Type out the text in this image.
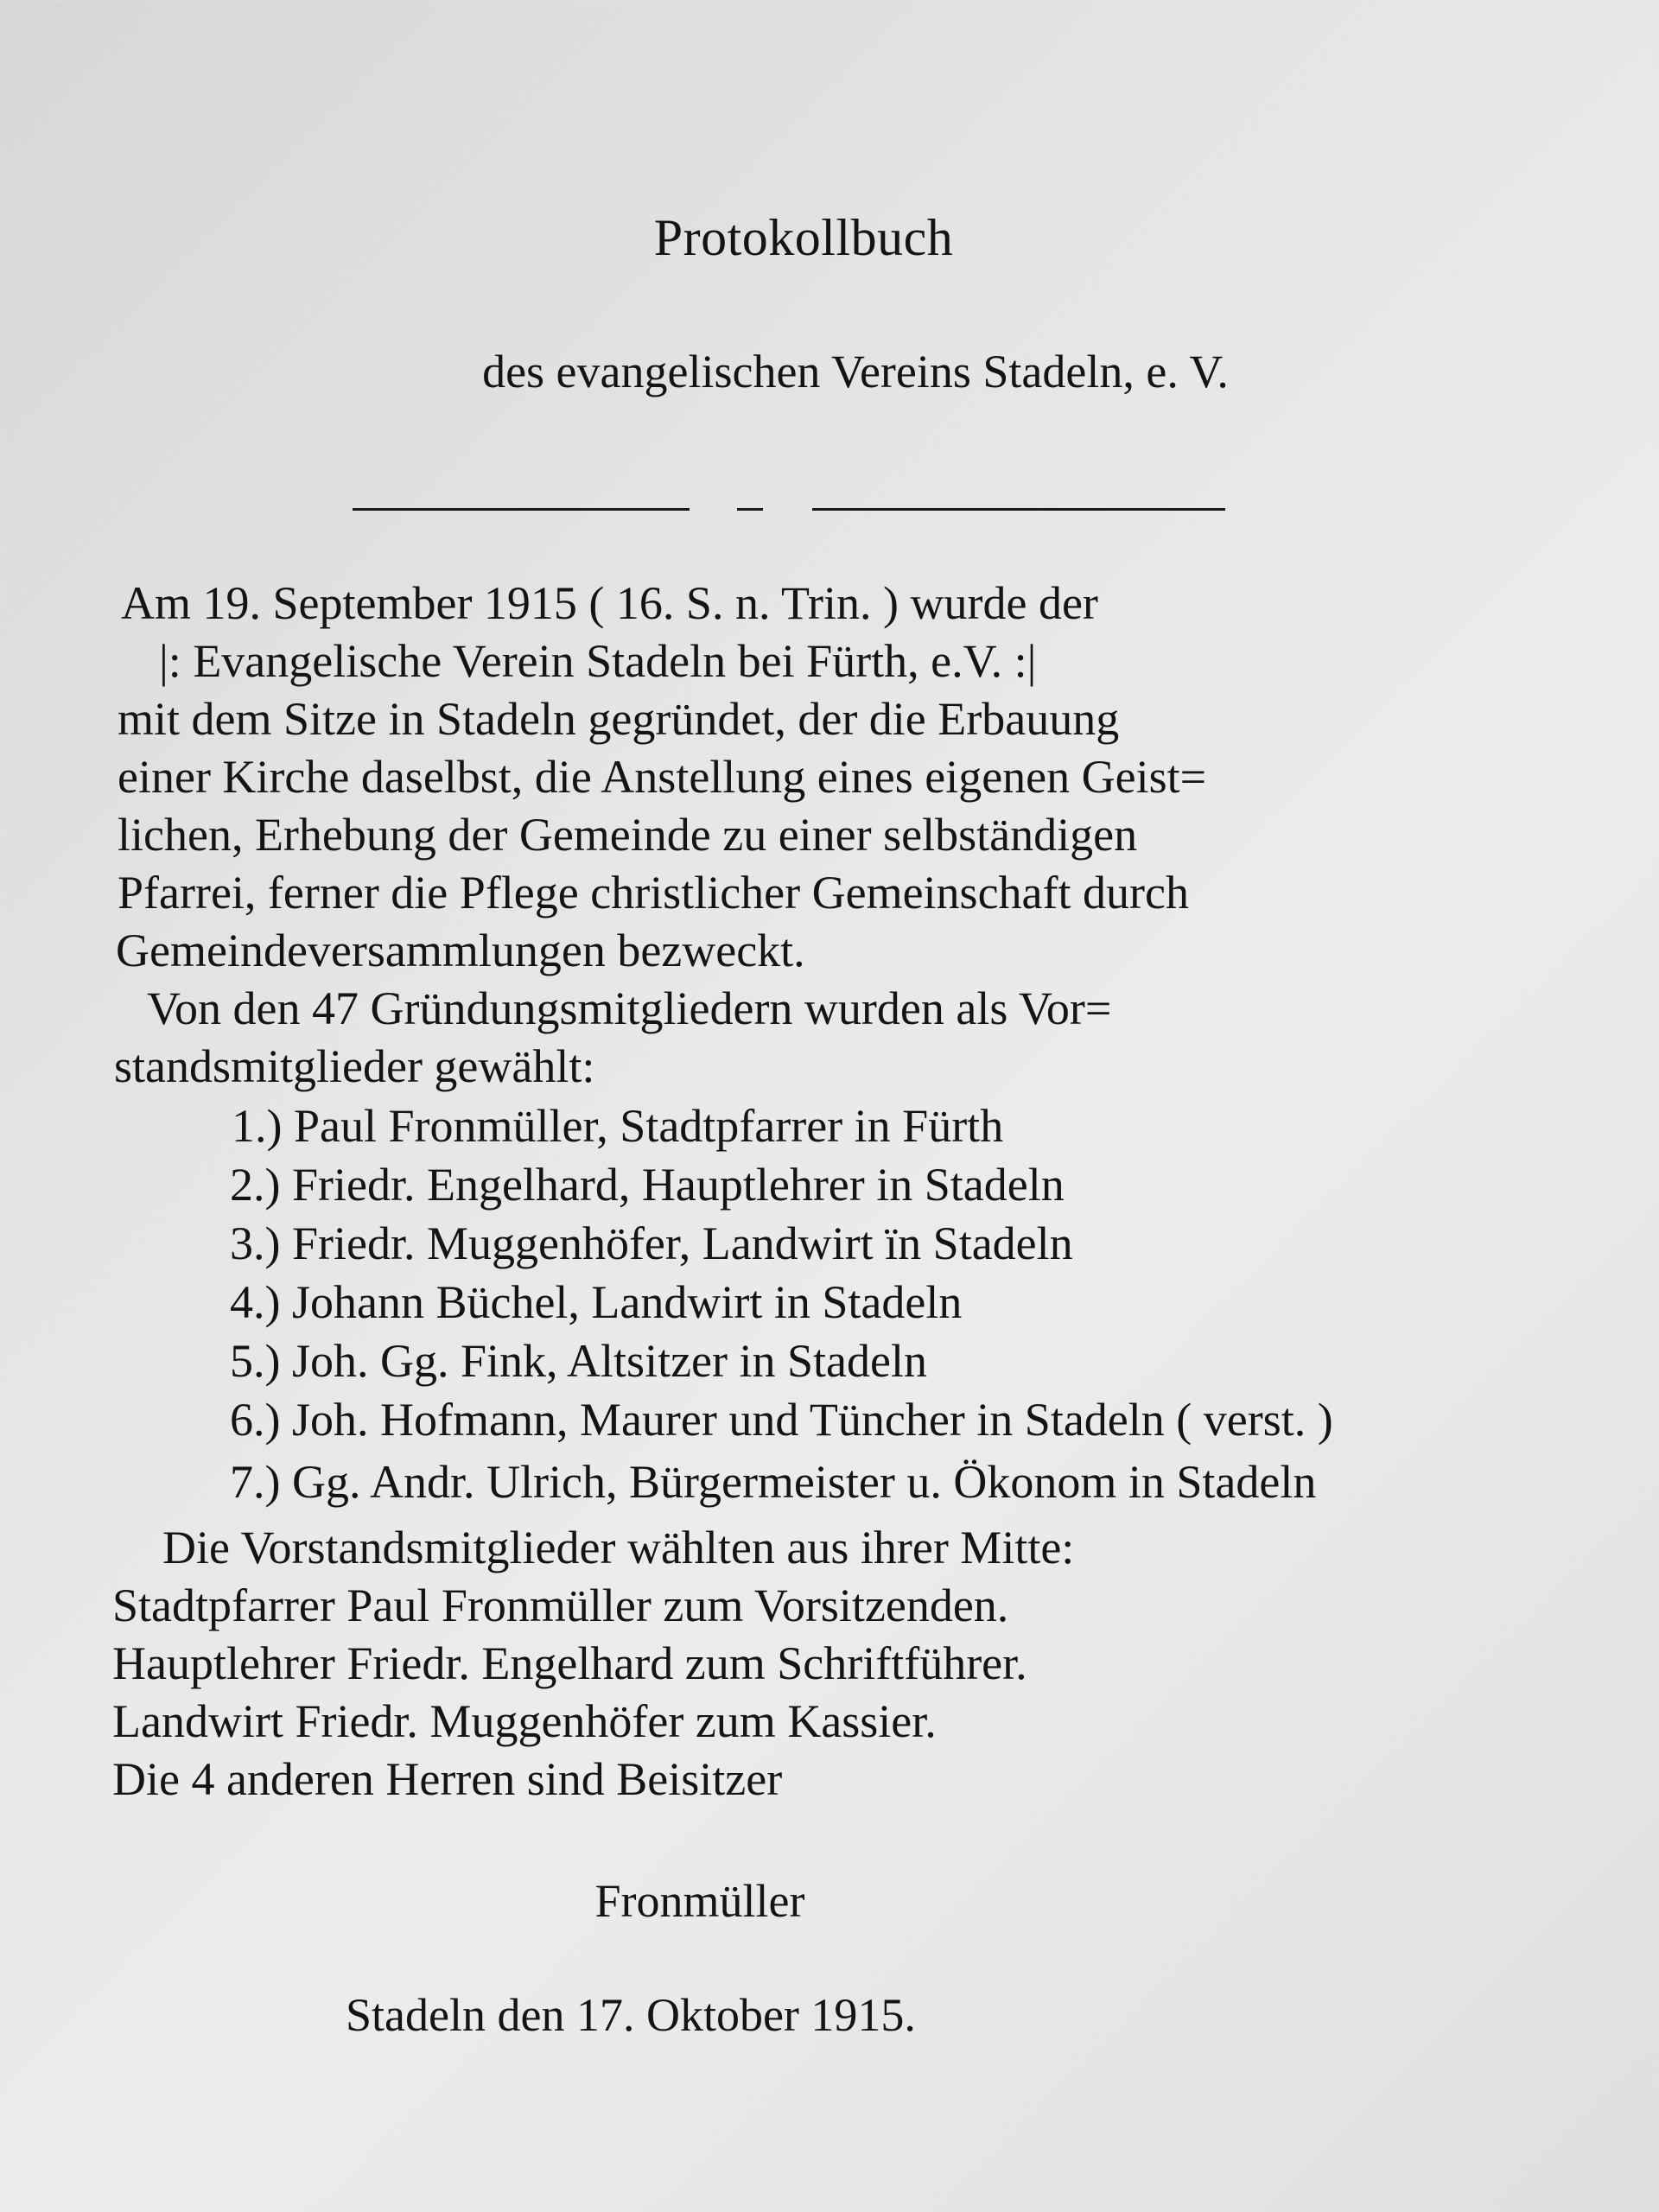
Protokollbuch
des evangelischen Vereins Stadeln, e. V.
Am 19. September 1915 ( 16. S. n. Trin. ) wurde der
|: Evangelische Verein Stadeln bei Fürth, e.V. :|
mit dem Sitze in Stadeln gegründet, der die Erbauung
einer Kirche daselbst, die Anstellung eines eigenen Geist=
lichen, Erhebung der Gemeinde zu einer selbständigen
Pfarrei, ferner die Pflege christlicher Gemeinschaft durch
Gemeindeversammlungen bezweckt.
Von den 47 Gründungsmitgliedern wurden als Vor=
standsmitglieder gewählt:
1.) Paul Fronmüller, Stadtpfarrer in Fürth
2.) Friedr. Engelhard, Hauptlehrer in Stadeln
3.) Friedr. Muggenhöfer, Landwirt ïn Stadeln
4.) Johann Büchel, Landwirt in Stadeln
5.) Joh. Gg. Fink, Altsitzer in Stadeln
6.) Joh. Hofmann, Maurer und Tüncher in Stadeln ( verst. )
7.) Gg. Andr. Ulrich, Bürgermeister u. Ökonom in Stadeln
Die Vorstandsmitglieder wählten aus ihrer Mitte:
Stadtpfarrer Paul Fronmüller zum Vorsitzenden.
Hauptlehrer Friedr. Engelhard zum Schriftführer.
Landwirt Friedr. Muggenhöfer zum Kassier.
Die 4 anderen Herren sind Beisitzer
Fronmüller
Stadeln den 17. Oktober 1915.
